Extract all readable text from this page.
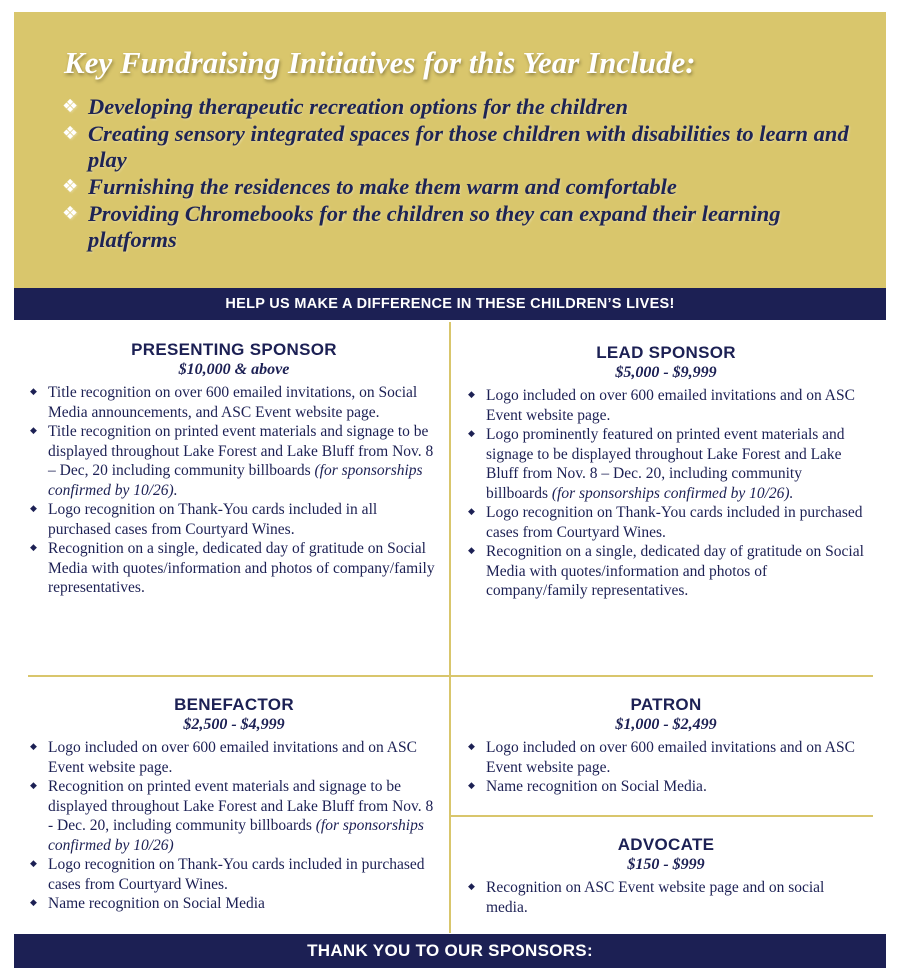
Key Fundraising Initiatives for this Year Include:
❖ Developing therapeutic recreation options for the children
❖ Creating sensory integrated spaces for those children with disabilities to learn and play
❖ Furnishing the residences to make them warm and comfortable
❖ Providing Chromebooks for the children so they can expand their learning platforms
HELP US MAKE A DIFFERENCE IN THESE CHILDREN’S LIVES!
PRESENTING SPONSOR
$10,000 & above
◆ Title recognition on over 600 emailed invitations, on Social Media announcements, and ASC Event website page.
◆ Title recognition on printed event materials and signage to be displayed throughout Lake Forest and Lake Bluff from Nov. 8 – Dec, 20 including community billboards (for sponsorships confirmed by 10/26).
◆ Logo recognition on Thank-You cards included in all purchased cases from Courtyard Wines.
◆ Recognition on a single, dedicated day of gratitude on Social Media with quotes/information and photos of company/family representatives.
LEAD SPONSOR
$5,000 - $9,999
◆ Logo included on over 600 emailed invitations and on ASC Event website page.
◆ Logo prominently featured on printed event materials and signage to be displayed throughout Lake Forest and Lake Bluff from Nov. 8 – Dec. 20, including community billboards (for sponsorships confirmed by 10/26).
◆ Logo recognition on Thank-You cards included in purchased cases from Courtyard Wines.
◆ Recognition on a single, dedicated day of gratitude on Social Media with quotes/information and photos of company/family representatives.
BENEFACTOR
$2,500 - $4,999
◆ Logo included on over 600 emailed invitations and on ASC Event website page.
◆ Recognition on printed event materials and signage to be displayed throughout Lake Forest and Lake Bluff from Nov. 8 - Dec. 20, including community billboards (for sponsorships confirmed by 10/26)
◆ Logo recognition on Thank-You cards included in purchased cases from Courtyard Wines.
◆ Name recognition on Social Media
PATRON
$1,000 - $2,499
◆ Logo included on over 600 emailed invitations and on ASC Event website page.
◆ Name recognition on Social Media.
ADVOCATE
$150 - $999
◆ Recognition on ASC Event website page and on social media.
THANK YOU TO OUR SPONSORS:
